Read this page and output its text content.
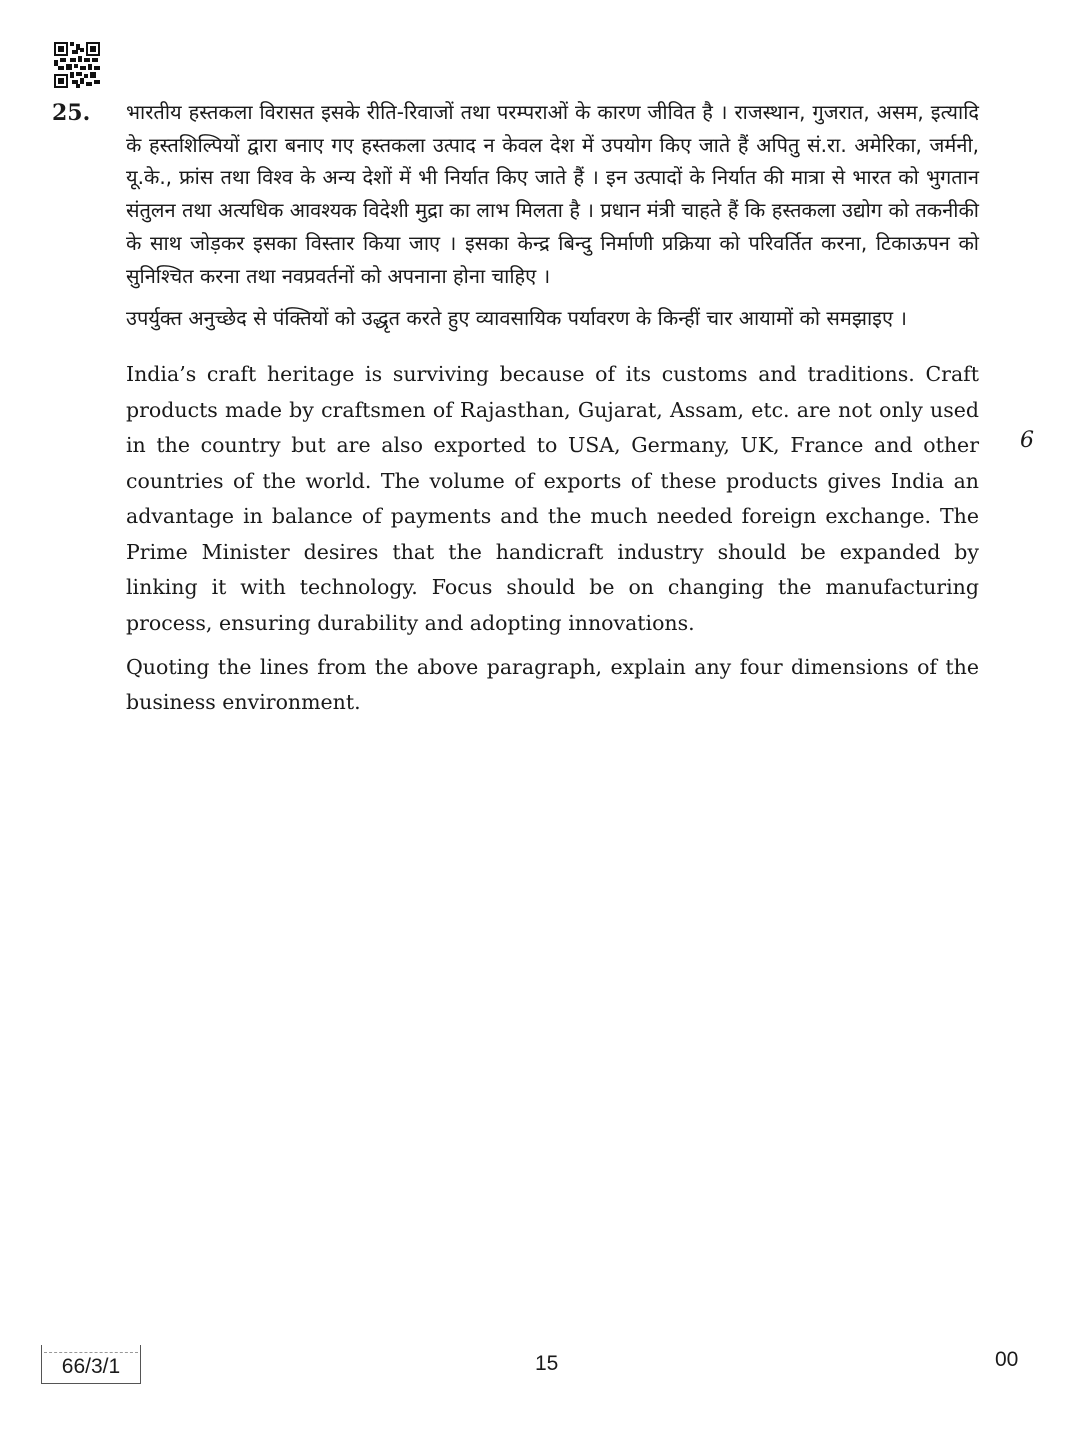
25. भारतीय हस्तकला विरासत इसके रीति-रिवाजों तथा परम्पराओं के कारण जीवित है । राजस्थान, गुजरात, असम, इत्यादि के हस्तशिल्पियों द्वारा बनाए गए हस्तकला उत्पाद न केवल देश में उपयोग किए जाते हैं अपितु सं.रा. अमेरिका, जर्मनी, यू.के., फ्रांस तथा विश्व के अन्य देशों में भी निर्यात किए जाते हैं । इन उत्पादों के निर्यात की मात्रा से भारत को भुगतान संतुलन तथा अत्यधिक आवश्यक विदेशी मुद्रा का लाभ मिलता है । प्रधान मंत्री चाहते हैं कि हस्तकला उद्योग को तकनीकी के साथ जोड़कर इसका विस्तार किया जाए । इसका केन्द्र बिन्दु निर्माणी प्रक्रिया को परिवर्तित करना, टिकाऊपन को सुनिश्चित करना तथा नवप्रवर्तनों को अपनाना होना चाहिए ।

उपर्युक्त अनुच्छेद से पंक्तियों को उद्धृत करते हुए व्यावसायिक पर्यावरण के किन्हीं चार आयामों को समझाइए ।

India’s craft heritage is surviving because of its customs and traditions. Craft products made by craftsmen of Rajasthan, Gujarat, Assam, etc. are not only used in the country but are also exported to USA, Germany, UK, France and other countries of the world. The volume of exports of these products gives India an advantage in balance of payments and the much needed foreign exchange. The Prime Minister desires that the handicraft industry should be expanded by linking it with technology. Focus should be on changing the manufacturing process, ensuring durability and adopting innovations.

Quoting the lines from the above paragraph, explain any four dimensions of the business environment.

6
66/3/1	15	00
